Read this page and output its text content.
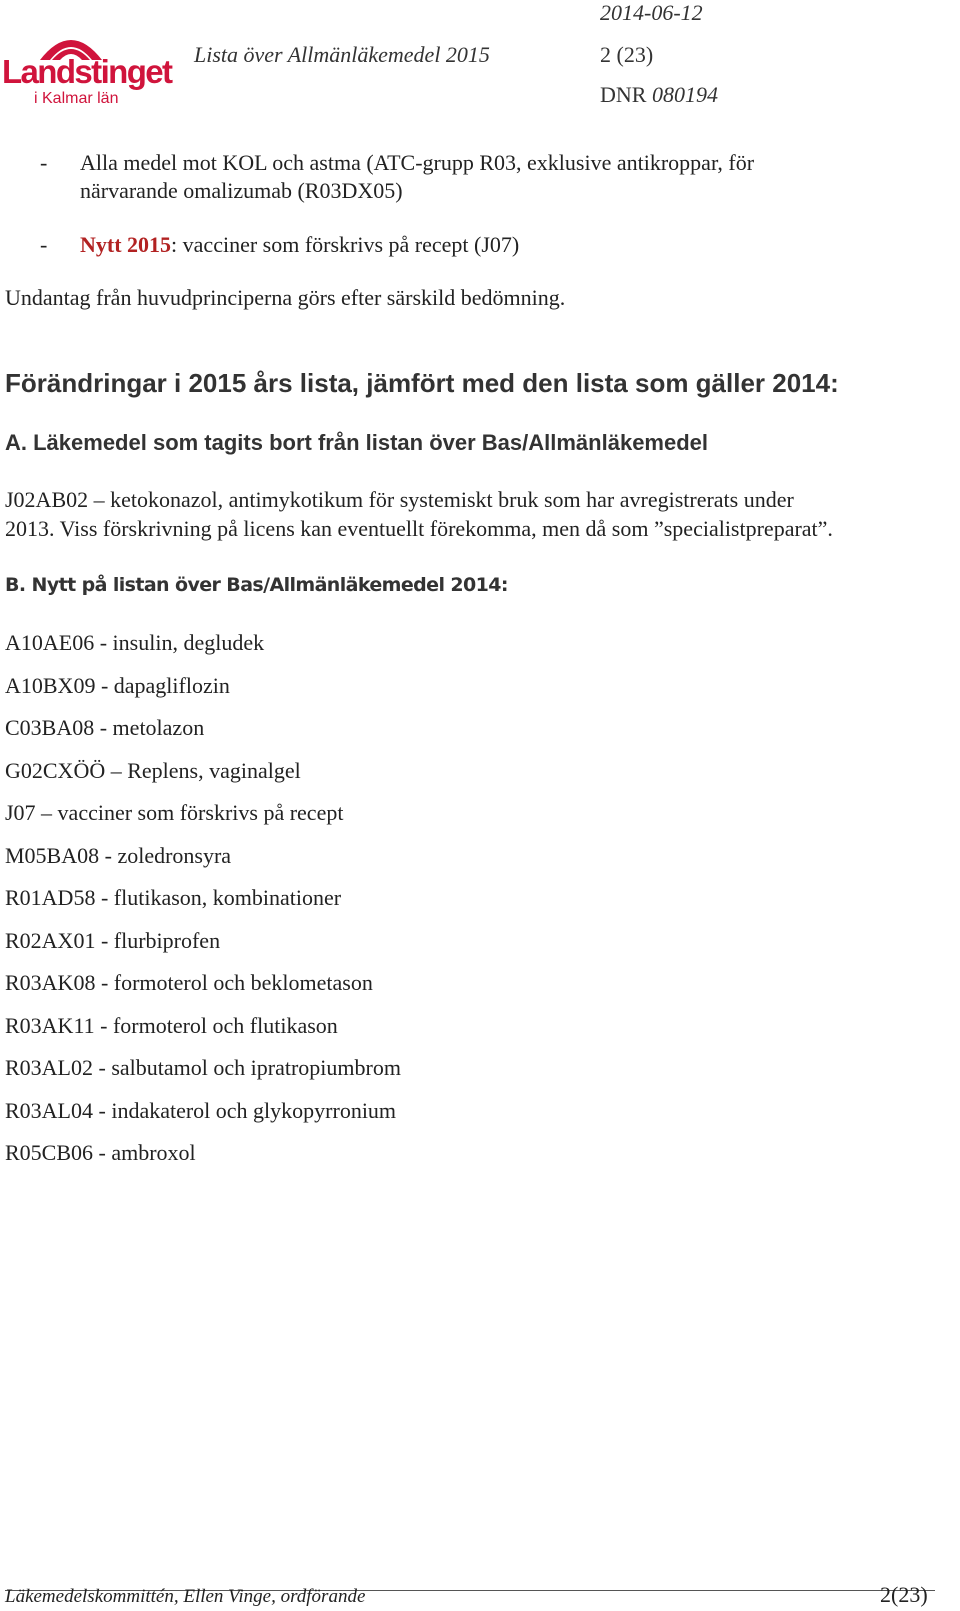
Landstinget
i Kalmar län
2014-06-12
Lista över Allmänläkemedel 2015	2 (23)
DNR 080194
- Alla medel mot KOL och astma (ATC-grupp R03, exklusive antikroppar, för
närvarande omalizumab (R03DX05)
- Nytt 2015: vacciner som förskrivs på recept (J07)
Undantag från huvudprinciperna görs efter särskild bedömning.
Förändringar i 2015 års lista, jämfört med den lista som gäller 2014:
A. Läkemedel som tagits bort från listan över Bas/Allmänläkemedel
J02AB02 – ketokonazol, antimykotikum för systemiskt bruk som har avregistrerats under
2013. Viss förskrivning på licens kan eventuellt förekomma, men då som ”specialistpreparat”.
B. Nytt på listan över Bas/Allmänläkemedel 2014:
A10AE06 - insulin, degludek
A10BX09 - dapagliflozin
C03BA08 - metolazon
G02CXÖÖ – Replens, vaginalgel
J07 – vacciner som förskrivs på recept
M05BA08 - zoledronsyra
R01AD58 - flutikason, kombinationer
R02AX01 - flurbiprofen
R03AK08 - formoterol och beklometason
R03AK11 - formoterol och flutikason
R03AL02 - salbutamol och ipratropiumbrom
R03AL04 - indakaterol och glykopyrronium
R05CB06 - ambroxol
Läkemedelskommittén, Ellen Vinge, ordförande	2(23)
